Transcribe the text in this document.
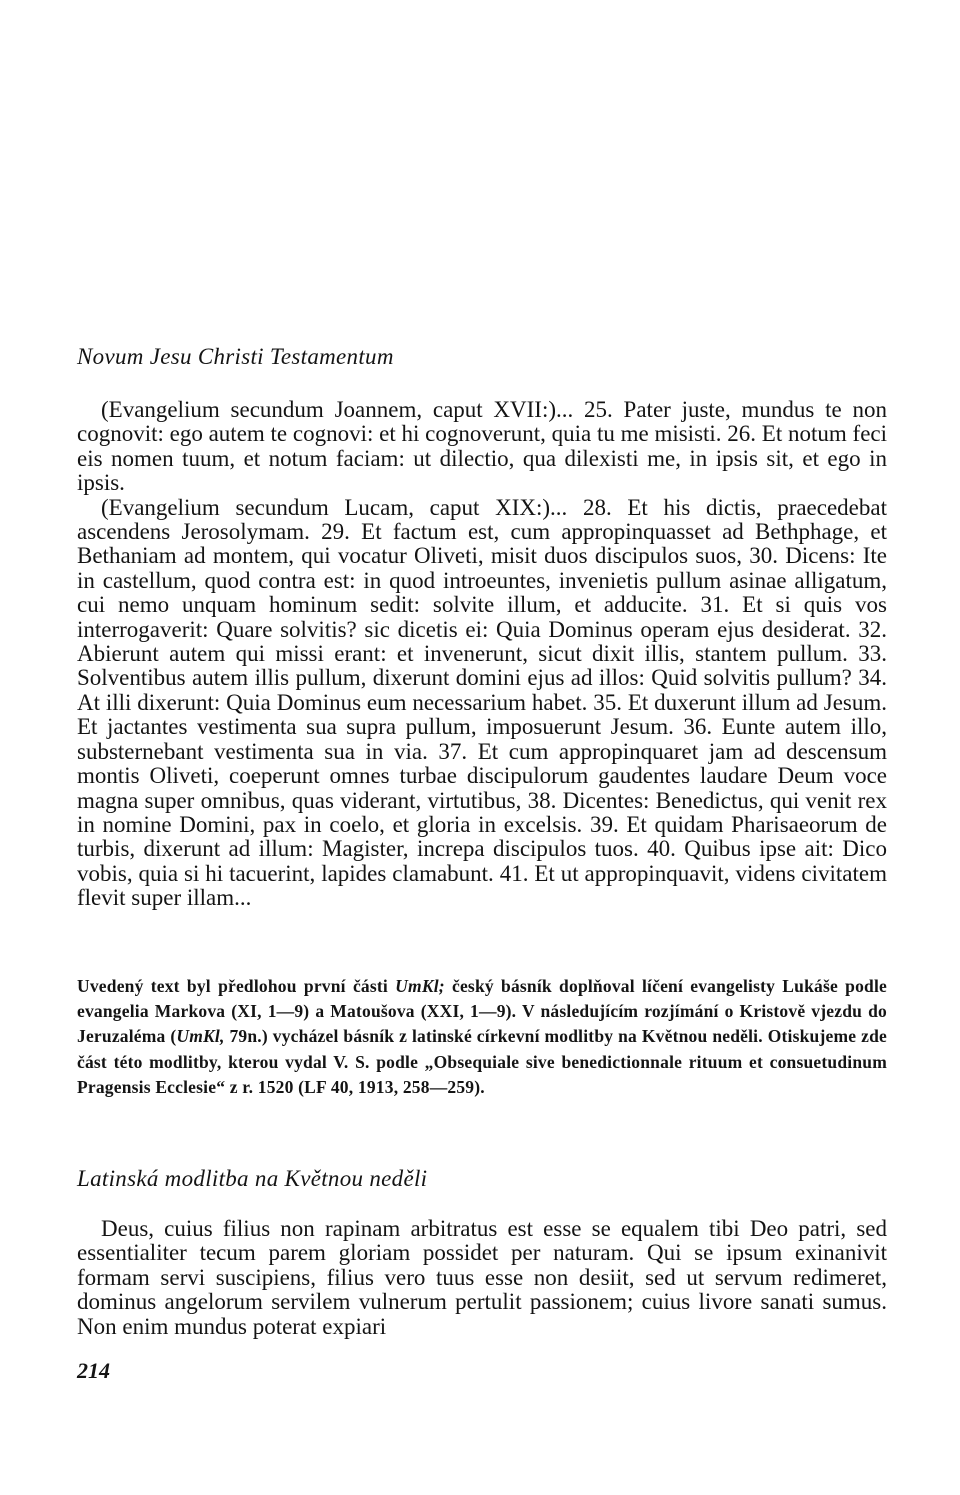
Novum Jesu Christi Testamentum

(Evangelium secundum Joannem, caput XVII:)... 25. Pater juste, mundus te non cognovit: ego autem te cognovi: et hi cognoverunt, quia tu me misisti. 26. Et notum feci eis nomen tuum, et notum faciam: ut dilectio, qua dilexisti me, in ipsis sit, et ego in ipsis.

(Evangelium secundum Lucam, caput XIX:)... 28. Et his dictis, praecedebat ascendens Jerosolymam. 29. Et factum est, cum appropinquasset ad Bethphage, et Bethaniam ad montem, qui vocatur Oliveti, misit duos discipulos suos, 30. Dicens: Ite in castellum, quod contra est: in quod introeuntes, invenietis pullum asinae alligatum, cui nemo unquam hominum sedit: solvite illum, et adducite. 31. Et si quis vos interrogaverit: Quare solvitis? sic dicetis ei: Quia Dominus operam ejus desiderat. 32. Abierunt autem qui missi erant: et invenerunt, sicut dixit illis, stantem pullum. 33. Solventibus autem illis pullum, dixerunt domini ejus ad illos: Quid solvitis pullum? 34. At illi dixerunt: Quia Dominus eum necessarium habet. 35. Et duxerunt illum ad Jesum. Et jactantes vestimenta sua supra pullum, imposuerunt Jesum. 36. Eunte autem illo, substernebant vestimenta sua in via. 37. Et cum appropinquaret jam ad descensum montis Oliveti, coeperunt omnes turbae discipulorum gaudentes laudare Deum voce magna super omnibus, quas viderant, virtutibus, 38. Dicentes: Benedictus, qui venit rex in nomine Domini, pax in coelo, et gloria in excelsis. 39. Et quidam Pharisaeorum de turbis, dixerunt ad illum: Magister, increpa discipulos tuos. 40. Quibus ipse ait: Dico vobis, quia si hi tacuerint, lapides clamabunt. 41. Et ut appropinquavit, videns civitatem flevit super illam...

Uvedený text byl předlohou první části UmKl; český básník doplňoval líčení evangelisty Lukáše podle evangelia Markova (XI, 1—9) a Matoušova (XXI, 1—9). V následujícím rozjímání o Kristově vjezdu do Jeruzaléma (UmKl, 79n.) vycházel básník z latinské církevní modlitby na Květnou neděli. Otiskujeme zde část této modlitby, kterou vydal V. S. podle „Obsequiale sive benedictionnale rituum et consuetudinum Pragensis Ecclesie“ z r. 1520 (LF 40, 1913, 258—259).

Latinská modlitba na Květnou neděli

Deus, cuius filius non rapinam arbitratus est esse se equalem tibi Deo patri, sed essentialiter tecum parem gloriam possidet per naturam. Qui se ipsum exinanivit formam servi suscipiens, filius vero tuus esse non desiit, sed ut servum redimeret, dominus angelorum servilem vulnerum pertulit passionem; cuius livore sanati sumus. Non enim mundus poterat expiari

214
